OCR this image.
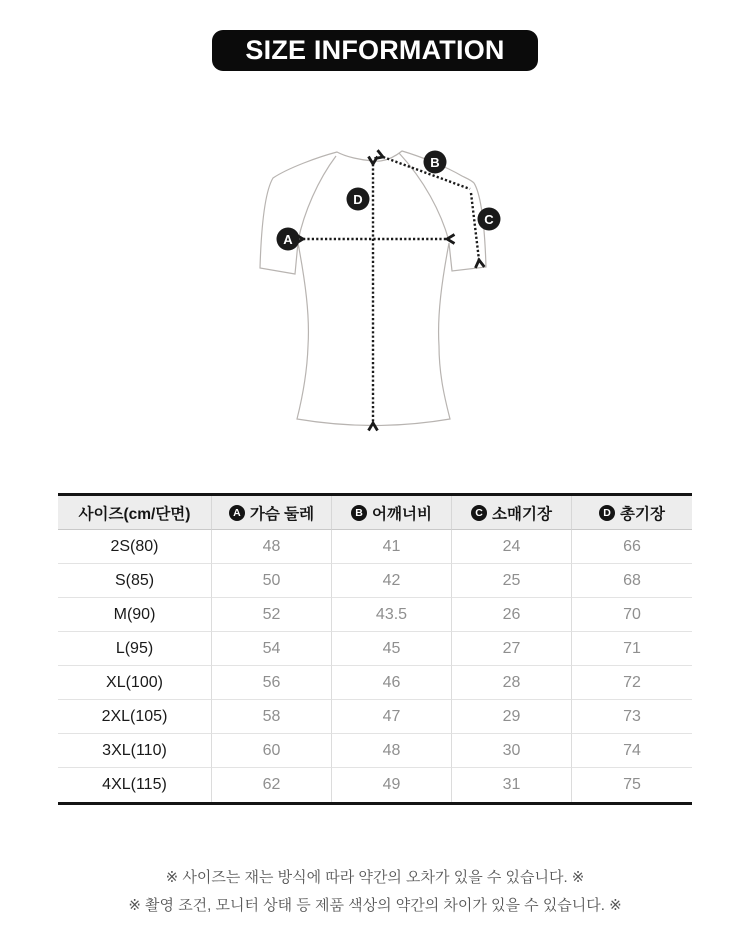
SIZE INFORMATION
A
B
C
D
사이즈(cm/단면)	A 가슴 둘레	B 어깨너비	C 소매기장	D 총기장
2S(80)	48	41	24	66
S(85)	50	42	25	68
M(90)	52	43.5	26	70
L(95)	54	45	27	71
XL(100)	56	46	28	72
2XL(105)	58	47	29	73
3XL(110)	60	48	30	74
4XL(115)	62	49	31	75
※ 사이즈는 재는 방식에 따라 약간의 오차가 있을 수 있습니다. ※
※ 촬영 조건, 모니터 상태 등 제품 색상의 약간의 차이가 있을 수 있습니다. ※
